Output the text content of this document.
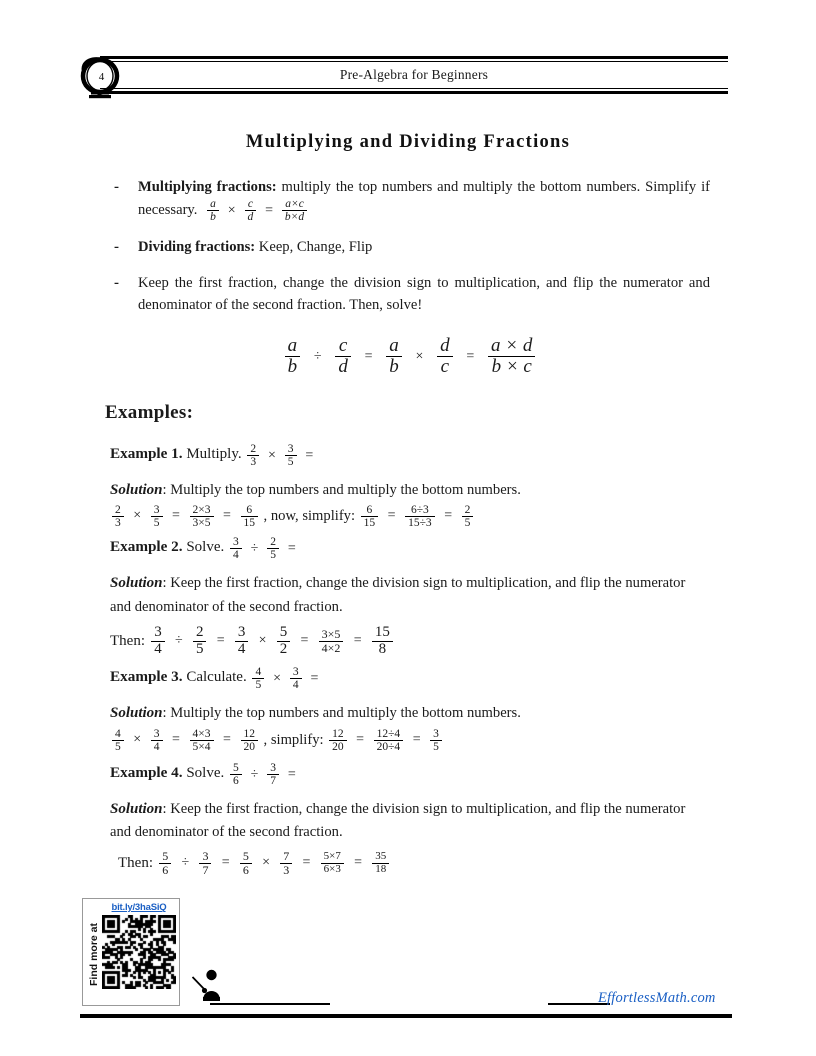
4	Pre-Algebra for Beginners
Multiplying and Dividing Fractions
-	Multiplying fractions: multiply the top numbers and multiply the bottom numbers. Simplify if necessary. $\frac{a}{b} \times \frac{c}{d} = \frac{a\times c}{b\times d}$
-	Dividing fractions: Keep, Change, Flip
-	Keep the first fraction, change the division sign to multiplication, and flip the numerator and denominator of the second fraction. Then, solve!
$\frac{a}{b} \div \frac{c}{d} = \frac{a}{b} \times \frac{d}{c} = \frac{a \times d}{b \times c}$
Examples:
Example 1. Multiply. $\frac{2}{3} \times \frac{3}{5}$ =
Solution: Multiply the top numbers and multiply the bottom numbers.
$\frac{2}{3} \times \frac{3}{5} = \frac{2\times 3}{3\times 5} = \frac{6}{15}$ , now, simplify: $\frac{6}{15} = \frac{6\div 3}{15\div 3} = \frac{2}{5}$
Example 2. Solve. $\frac{3}{4} \div \frac{2}{5}$ =
Solution: Keep the first fraction, change the division sign to multiplication, and flip the numerator and denominator of the second fraction.
Then: $\frac{3}{4} \div \frac{2}{5} = \frac{3}{4} \times \frac{5}{2} = \frac{3\times 5}{4\times 2} = \frac{15}{8}$
Example 3. Calculate. $\frac{4}{5} \times \frac{3}{4}$ =
Solution: Multiply the top numbers and multiply the bottom numbers.
$\frac{4}{5} \times \frac{3}{4} = \frac{4\times 3}{5\times 4} = \frac{12}{20}$ , simplify: $\frac{12}{20} = \frac{12\div 4}{20\div 4} = \frac{3}{5}$
Example 4. Solve. $\frac{5}{6} \div \frac{3}{7}$ =
Solution: Keep the first fraction, change the division sign to multiplication, and flip the numerator and denominator of the second fraction.
Then: $\frac{5}{6} \div \frac{3}{7} = \frac{5}{6} \times \frac{7}{3} = \frac{5\times 7}{6\times 3} = \frac{35}{18}$
Find more at
bit.ly/3haSiQ
EffortlessMath.com
